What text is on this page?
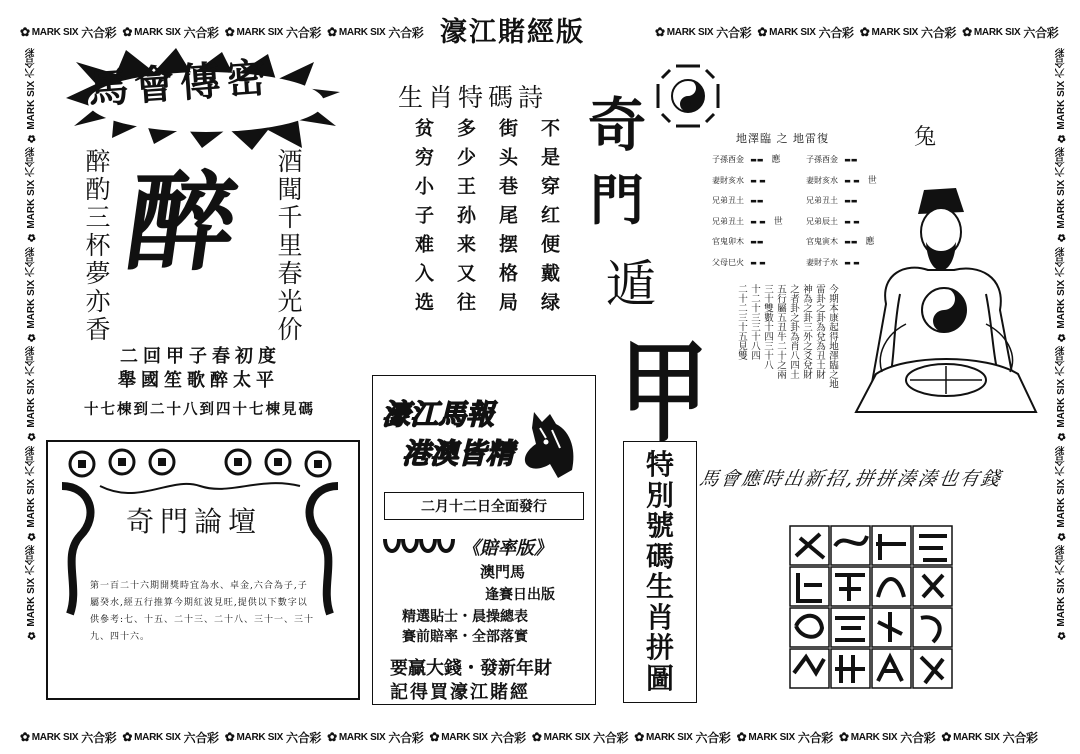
✿ MARK SIX 六合彩 ✿ MARK SIX 六合彩 ✿ MARK SIX 六合彩 ✿ MARK SIX 六合彩 濠江賭經版	✿ MARK SIX 六合彩 ✿ MARK SIX 六合彩 ✿ MARK SIX 六合彩 ✿ MARK SIX 六合彩
✿ MARK SIX 六合彩 ✿ MARK SIX 六合彩 ✿ MARK SIX 六合彩 ✿ MARK SIX 六合彩 ✿ MARK SIX 六合彩 ✿ MARK SIX 六合彩 ✿ MARK SIX 六合彩 ✿ MARK SIX 六合彩 ✿ MARK SIX 六合彩 ✿ MARK SIX 六合彩
✿ MARK SIX 六合彩
✿ MARK SIX 六合彩
✿ MARK SIX 六合彩
✿ MARK SIX 六合彩
✿ MARK SIX 六合彩
✿ MARK SIX 六合彩
✿ MARK SIX 六合彩
✿ MARK SIX 六合彩
✿ MARK SIX 六合彩
✿ MARK SIX 六合彩
✿ MARK SIX 六合彩
✿ MARK SIX 六合彩
馬會傳密
醉酌三杯夢亦香	酒聞千里春光价
醉
二回甲子春初度
舉國笙歌醉太平
十七棟到二十八到四十七棟見碼
奇門論壇
第一百二十六期開獎時宜為水、卓金,六合為子,子屬癸水,經五行推算今期紅波見旺,提供以下數字以供參考:七、十五、二十三、二十八、三十一、三十九、四十六。
生肖特碼詩
不是穿红便戴绿
街头巷尾摆格局
多少王孙来又往
贫穷小子难入选
濠江馬報
港澳皆精
二月十二日全面發行
《賠率版》
澳門馬
逢賽日出版
精選貼士・晨操總表
賽前賠率・全部落實
要贏大錢・發新年財
記得買濠江賭經
奇
門
遁
甲
地澤臨 之 地雷復	兔
子孫酉金 ▬▬ 應
妻財亥水 ▬ ▬
兄弟丑土 ▬▬
兄弟丑土 ▬ ▬ 世
官鬼卯木 ▬▬
父母巳火 ▬ ▬
子孫酉金 ▬▬
妻財亥水 ▬ ▬ 世
兄弟丑土 ▬▬
兄弟辰土 ▬ ▬
官鬼寅木 ▬▬ 應
妻財子水 ▬ ▬
今期本康起得地澤臨之地
雷卦之卦為兌為丑土財
神為之卦三外之爻兌財
之者卦之卦為肖八四土
五行屬五丑牛二十之兩
三十雙數十四三十八
十二十三三十八四
二十二三十五見雙
馬會應時出新招,拼拼湊湊也有錢
特別號碼生肖拼圖
